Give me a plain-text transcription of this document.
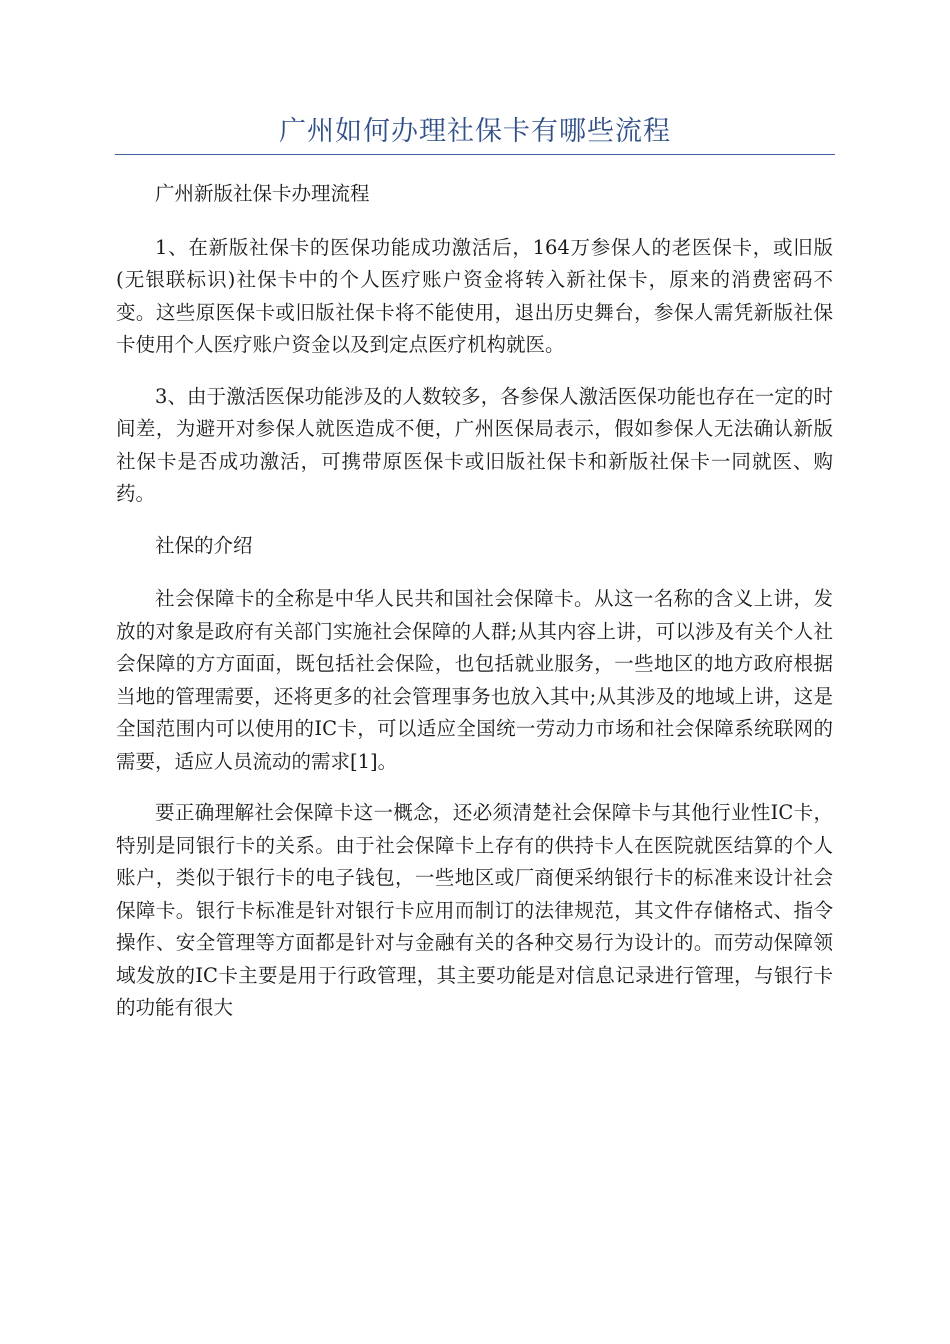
广州如何办理社保卡有哪些流程

广州新版社保卡办理流程

1、在新版社保卡的医保功能成功激活后，164万参保人的老医保卡，或旧版(无银联标识)社保卡中的个人医疗账户资金将转入新社保卡，原来的消费密码不变。这些原医保卡或旧版社保卡将不能使用，退出历史舞台，参保人需凭新版社保卡使用个人医疗账户资金以及到定点医疗机构就医。

3、由于激活医保功能涉及的人数较多，各参保人激活医保功能也存在一定的时间差，为避开对参保人就医造成不便，广州医保局表示，假如参保人无法确认新版社保卡是否成功激活，可携带原医保卡或旧版社保卡和新版社保卡一同就医、购药。

社保的介绍

社会保障卡的全称是中华人民共和国社会保障卡。从这一名称的含义上讲，发放的对象是政府有关部门实施社会保障的人群;从其内容上讲，可以涉及有关个人社会保障的方方面面，既包括社会保险，也包括就业服务，一些地区的地方政府根据当地的管理需要，还将更多的社会管理事务也放入其中;从其涉及的地域上讲，这是全国范围内可以使用的IC卡，可以适应全国统一劳动力市场和社会保障系统联网的需要，适应人员流动的需求[1]。

要正确理解社会保障卡这一概念，还必须清楚社会保障卡与其他行业性IC卡，特别是同银行卡的关系。由于社会保障卡上存有的供持卡人在医院就医结算的个人账户，类似于银行卡的电子钱包，一些地区或厂商便采纳银行卡的标准来设计社会保障卡。银行卡标准是针对银行卡应用而制订的法律规范，其文件存储格式、指令操作、安全管理等方面都是针对与金融有关的各种交易行为设计的。而劳动保障领域发放的IC卡主要是用于行政管理，其主要功能是对信息记录进行管理，与银行卡的功能有很大
